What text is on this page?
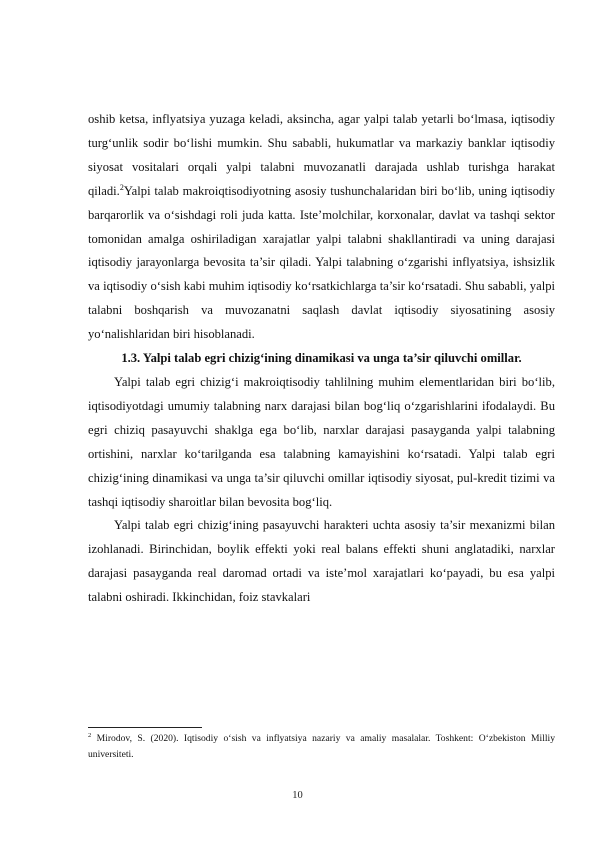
oshib ketsa, inflyatsiya yuzaga keladi, aksincha, agar yalpi talab yetarli bo‘lmasa, iqtisodiy turg‘unlik sodir bo‘lishi mumkin. Shu sababli, hukumatlar va markaziy banklar iqtisodiy siyosat vositalari orqali yalpi talabni muvozanatli darajada ushlab turishga harakat qiladi.$^2$Yalpi talab makroiqtisodiyotning asosiy tushunchalaridan biri bo‘lib, uning iqtisodiy barqarorlik va o‘sishdagi roli juda katta. Iste’molchilar, korxonalar, davlat va tashqi sektor tomonidan amalga oshiriladigan xarajatlar yalpi talabni shakllantiradi va uning darajasi iqtisodiy jarayonlarga bevosita ta’sir qiladi. Yalpi talabning o‘zgarishi inflyatsiya, ishsizlik va iqtisodiy o‘sish kabi muhim iqtisodiy ko‘rsatkichlarga ta’sir ko‘rsatadi. Shu sababli, yalpi talabni boshqarish va muvozanatni saqlash davlat iqtisodiy siyosatining asosiy yo‘nalishlaridan biri hisoblanadi.

1.3. Yalpi talab egri chizig‘ining dinamikasi va unga ta’sir qiluvchi omillar.

Yalpi talab egri chizig‘i makroiqtisodiy tahlilning muhim elementlaridan biri bo‘lib, iqtisodiyotdagi umumiy talabning narx darajasi bilan bog‘liq o‘zgarishlarini ifodalaydi. Bu egri chiziq pasayuvchi shaklga ega bo‘lib, narxlar darajasi pasayganda yalpi talabning ortishini, narxlar ko‘tarilganda esa talabning kamayishini ko‘rsatadi. Yalpi talab egri chizig‘ining dinamikasi va unga ta’sir qiluvchi omillar iqtisodiy siyosat, pul-kredit tizimi va tashqi iqtisodiy sharoitlar bilan bevosita bog‘liq.

Yalpi talab egri chizig‘ining pasayuvchi harakteri uchta asosiy ta’sir mexanizmi bilan izohlanadi. Birinchidan, boylik effekti yoki real balans effekti shuni anglatadiki, narxlar darajasi pasayganda real daromad ortadi va iste’mol xarajatlari ko‘payadi, bu esa yalpi talabni oshiradi. Ikkinchidan, foiz stavkalari

$^2$ Mirodov, S. (2020). Iqtisodiy o‘sish va inflyatsiya nazariy va amaliy masalalar. Toshkent: O‘zbekiston Milliy universiteti.
10
